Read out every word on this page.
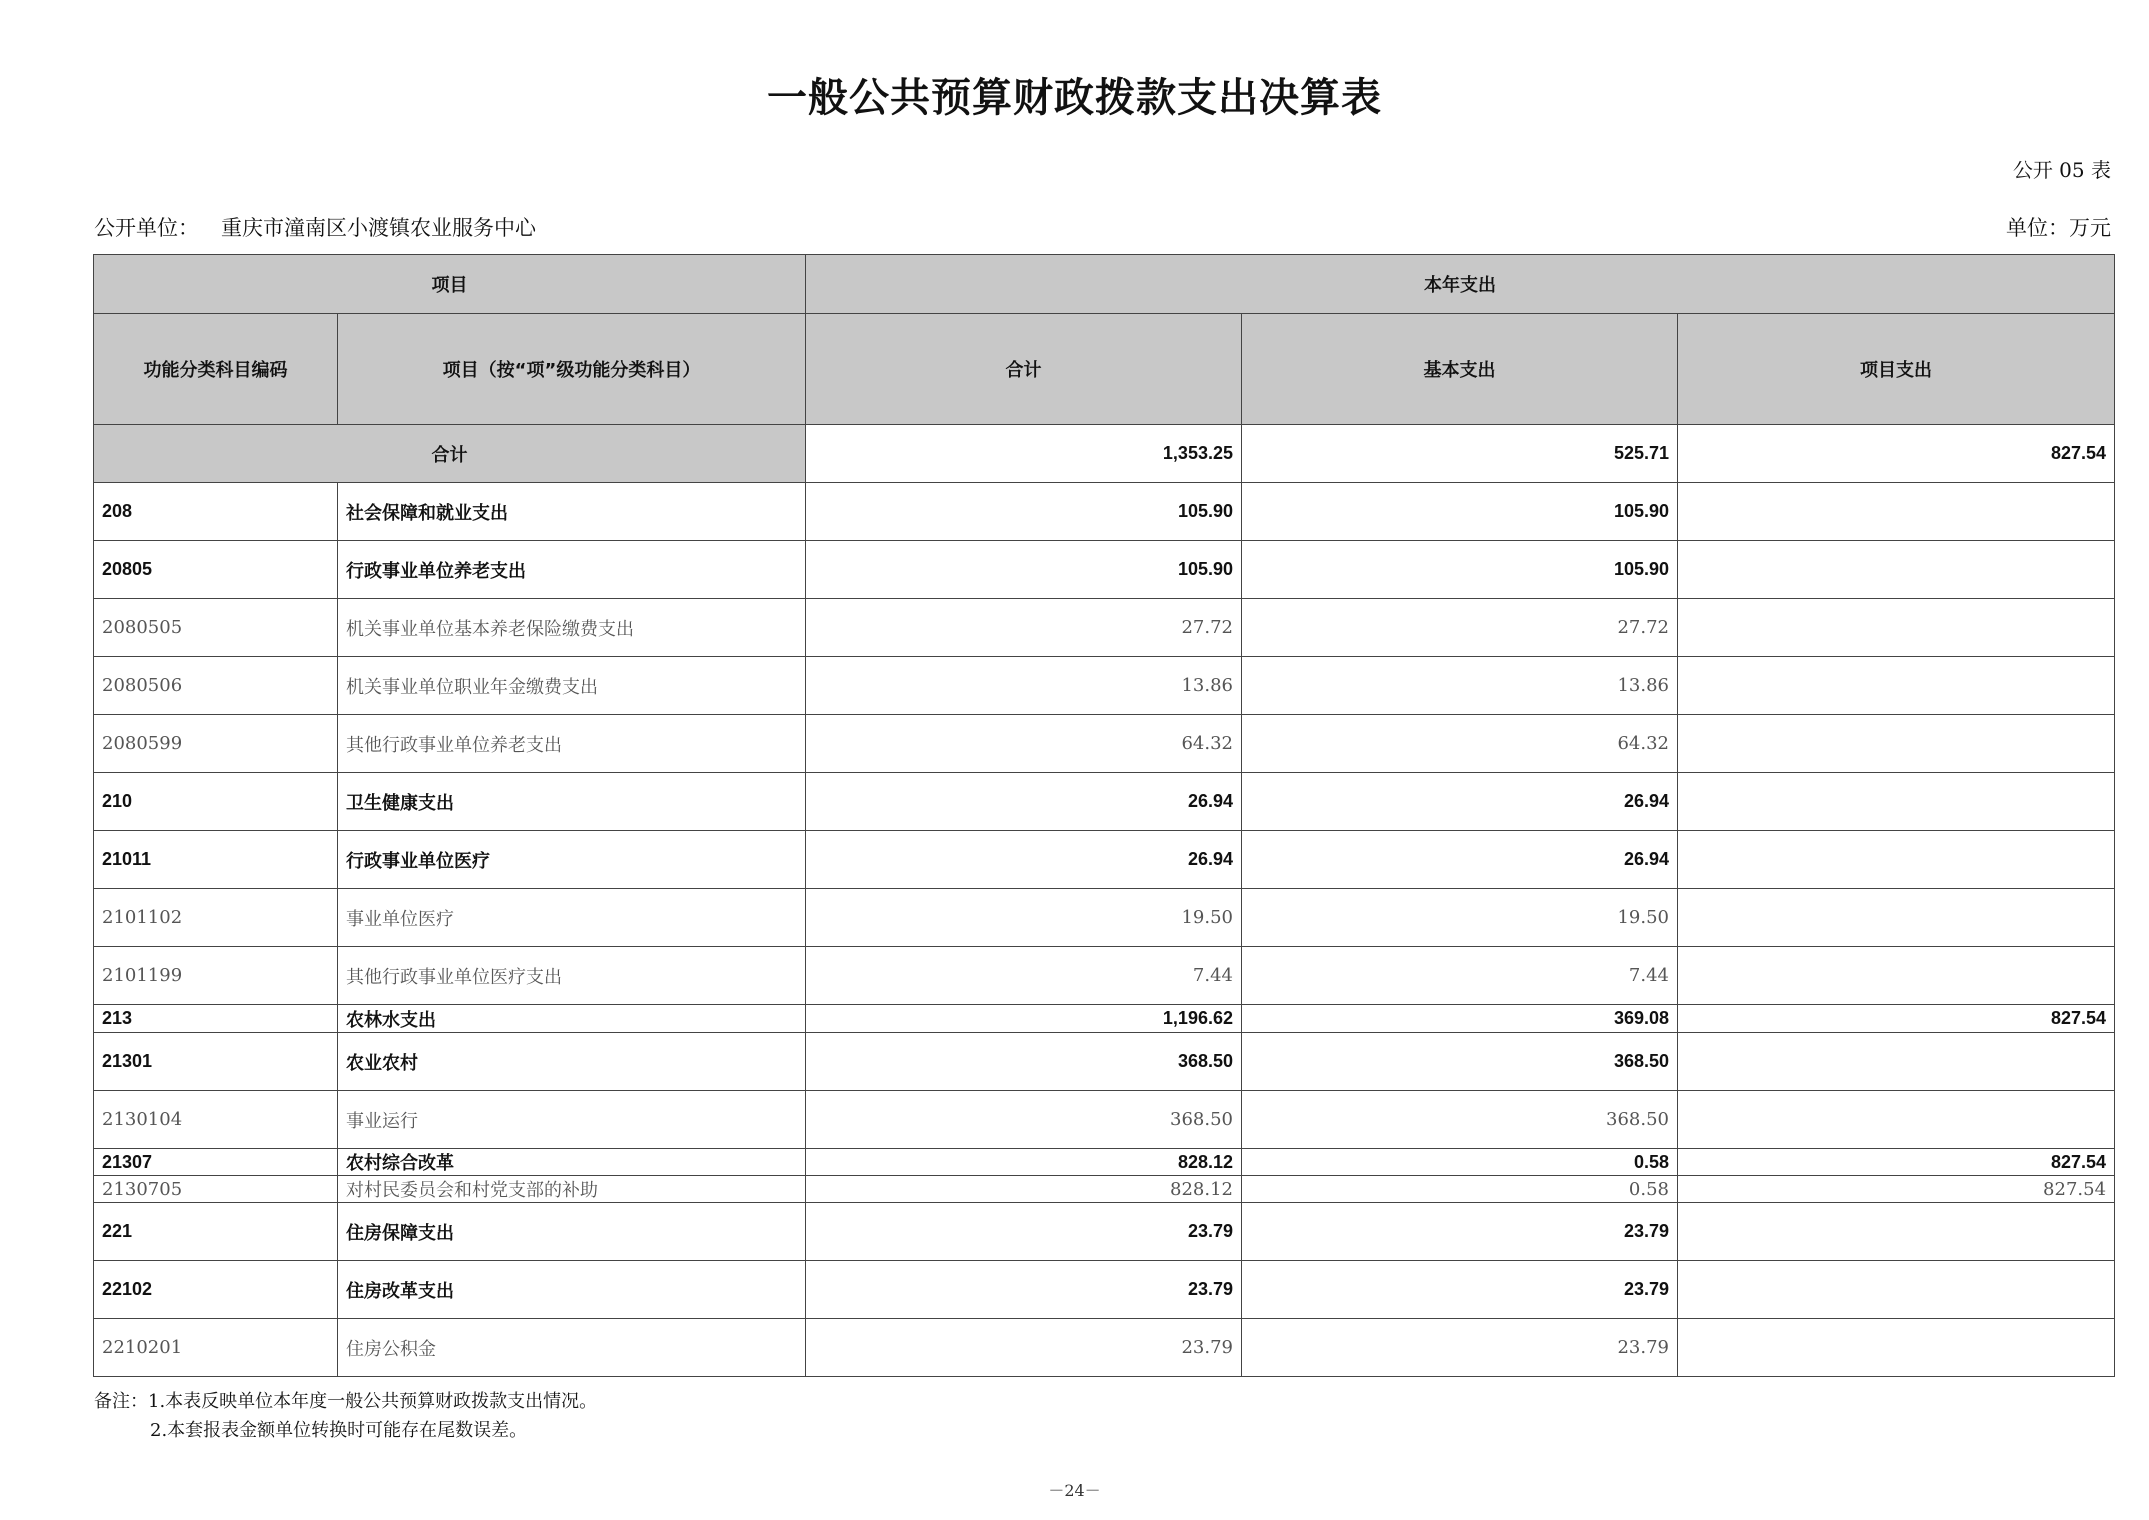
一般公共预算财政拨款支出决算表
公开 05 表
公开单位： 重庆市潼南区小渡镇农业服务中心	单位：万元
项目		本年支出		
功能分类科目编码	项目（按“项”级功能分类科目）	合计	基本支出	项目支出
合计		1,353.25	525.71	827.54
208	社会保障和就业支出	105.90	105.90	
20805	行政事业单位养老支出	105.90	105.90	
2080505	机关事业单位基本养老保险缴费支出	27.72	27.72	
2080506	机关事业单位职业年金缴费支出	13.86	13.86	
2080599	其他行政事业单位养老支出	64.32	64.32	
210	卫生健康支出	26.94	26.94	
21011	行政事业单位医疗	26.94	26.94	
2101102	事业单位医疗	19.50	19.50	
2101199	其他行政事业单位医疗支出	7.44	7.44	
213	农林水支出	1,196.62	369.08	827.54
21301	农业农村	368.50	368.50	
2130104	事业运行	368.50	368.50	
21307	农村综合改革	828.12	0.58	827.54
2130705	对村民委员会和村党支部的补助	828.12	0.58	827.54
221	住房保障支出	23.79	23.79	
22102	住房改革支出	23.79	23.79	
2210201	住房公积金	23.79	23.79	
备注：1.本表反映单位本年度一般公共预算财政拨款支出情况。
2.本套报表金额单位转换时可能存在尾数误差。
－24－
